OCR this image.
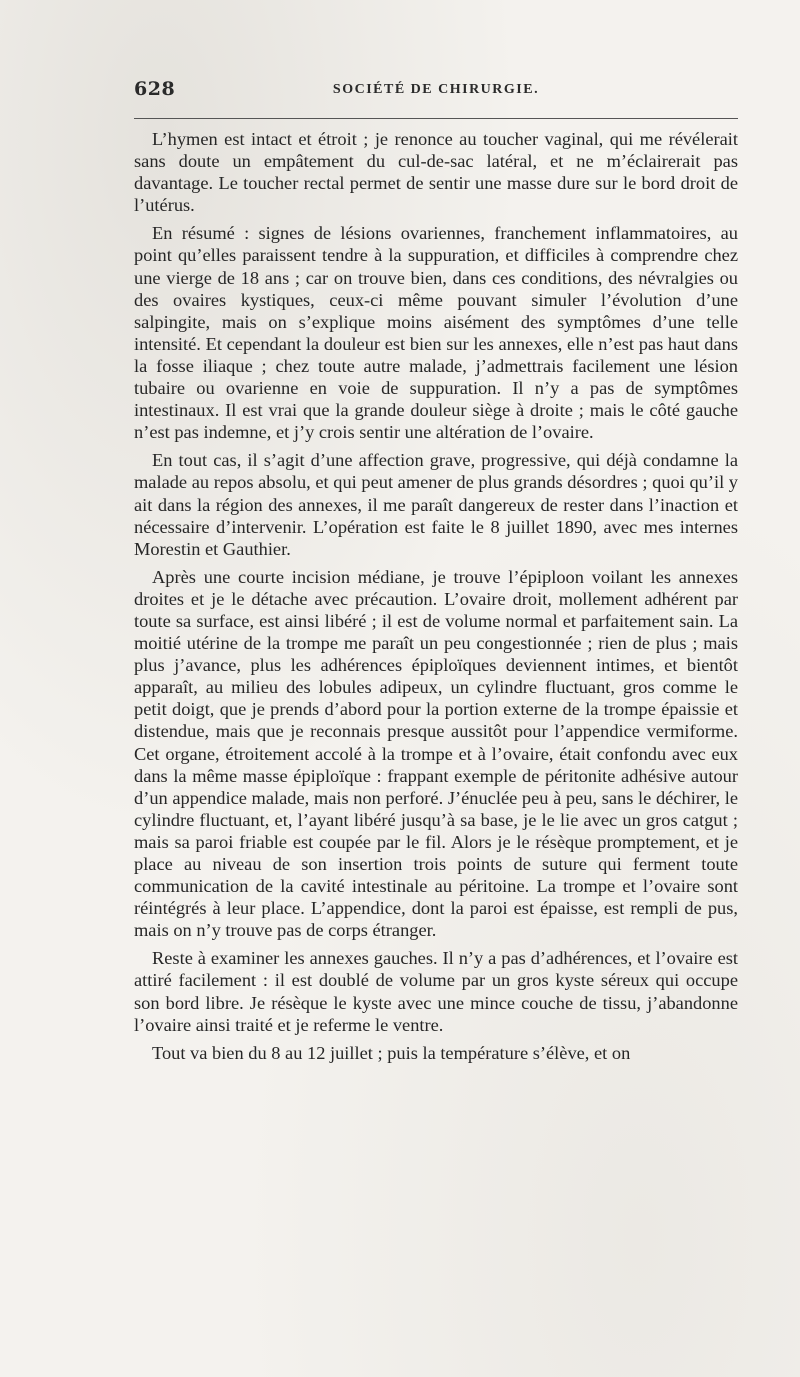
628	SOCIÉTÉ DE CHIRURGIE.

L’hymen est intact et étroit ; je renonce au toucher vaginal, qui me révélerait sans doute un empâtement du cul-de-sac latéral, et ne m’éclairerait pas davantage. Le toucher rectal permet de sentir une masse dure sur le bord droit de l’utérus.

En résumé : signes de lésions ovariennes, franchement inflammatoires, au point qu’elles paraissent tendre à la suppuration, et difficiles à comprendre chez une vierge de 18 ans ; car on trouve bien, dans ces conditions, des névralgies ou des ovaires kystiques, ceux-ci même pouvant simuler l’évolution d’une salpingite, mais on s’explique moins aisément des symptômes d’une telle intensité. Et cependant la douleur est bien sur les annexes, elle n’est pas haut dans la fosse iliaque ; chez toute autre malade, j’admettrais facilement une lésion tubaire ou ovarienne en voie de suppuration. Il n’y a pas de symptômes intestinaux. Il est vrai que la grande douleur siège à droite ; mais le côté gauche n’est pas indemne, et j’y crois sentir une altération de l’ovaire.

En tout cas, il s’agit d’une affection grave, progressive, qui déjà condamne la malade au repos absolu, et qui peut amener de plus grands désordres ; quoi qu’il y ait dans la région des annexes, il me paraît dangereux de rester dans l’inaction et nécessaire d’intervenir. L’opération est faite le 8 juillet 1890, avec mes internes Morestin et Gauthier.

Après une courte incision médiane, je trouve l’épiploon voilant les annexes droites et je le détache avec précaution. L’ovaire droit, mollement adhérent par toute sa surface, est ainsi libéré ; il est de volume normal et parfaitement sain. La moitié utérine de la trompe me paraît un peu congestionnée ; rien de plus ; mais plus j’avance, plus les adhérences épiploïques deviennent intimes, et bientôt apparaît, au milieu des lobules adipeux, un cylindre fluctuant, gros comme le petit doigt, que je prends d’abord pour la portion externe de la trompe épaissie et distendue, mais que je reconnais presque aussitôt pour l’appendice vermiforme. Cet organe, étroitement accolé à la trompe et à l’ovaire, était confondu avec eux dans la même masse épiploïque : frappant exemple de péritonite adhésive autour d’un appendice malade, mais non perforé. J’énuclée peu à peu, sans le déchirer, le cylindre fluctuant, et, l’ayant libéré jusqu’à sa base, je le lie avec un gros catgut ; mais sa paroi friable est coupée par le fil. Alors je le résèque promptement, et je place au niveau de son insertion trois points de suture qui ferment toute communication de la cavité intestinale au péritoine. La trompe et l’ovaire sont réintégrés à leur place. L’appendice, dont la paroi est épaisse, est rempli de pus, mais on n’y trouve pas de corps étranger.

Reste à examiner les annexes gauches. Il n’y a pas d’adhérences, et l’ovaire est attiré facilement : il est doublé de volume par un gros kyste séreux qui occupe son bord libre. Je résèque le kyste avec une mince couche de tissu, j’abandonne l’ovaire ainsi traité et je referme le ventre.

Tout va bien du 8 au 12 juillet ; puis la température s’élève, et on
